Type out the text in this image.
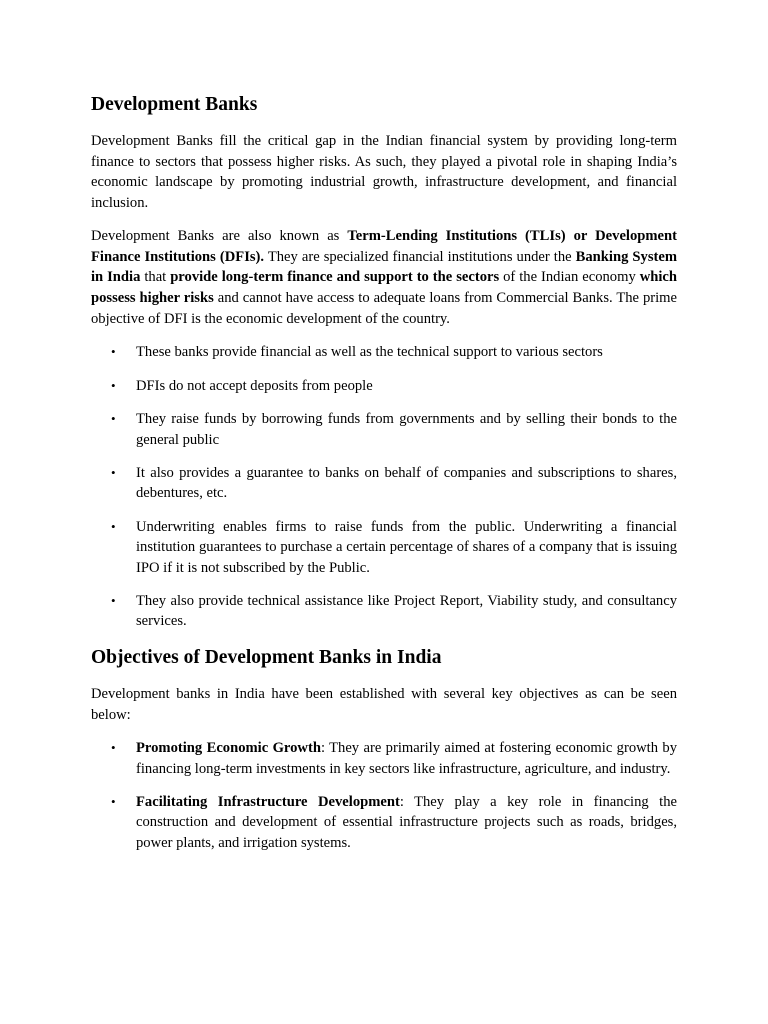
Development Banks

Development Banks fill the critical gap in the Indian financial system by providing long-term finance to sectors that possess higher risks. As such, they played a pivotal role in shaping India’s economic landscape by promoting industrial growth, infrastructure development, and financial inclusion.

Development Banks are also known as Term-Lending Institutions (TLIs) or Development Finance Institutions (DFIs). They are specialized financial institutions under the Banking System in India that provide long-term finance and support to the sectors of the Indian economy which possess higher risks and cannot have access to adequate loans from Commercial Banks. The prime objective of DFI is the economic development of the country.

• These banks provide financial as well as the technical support to various sectors
• DFIs do not accept deposits from people
• They raise funds by borrowing funds from governments and by selling their bonds to the general public
• It also provides a guarantee to banks on behalf of companies and subscriptions to shares, debentures, etc.
• Underwriting enables firms to raise funds from the public. Underwriting a financial institution guarantees to purchase a certain percentage of shares of a company that is issuing IPO if it is not subscribed by the Public.
• They also provide technical assistance like Project Report, Viability study, and consultancy services.
Objectives of Development Banks in India

Development banks in India have been established with several key objectives as can be seen below:

• Promoting Economic Growth: They are primarily aimed at fostering economic growth by financing long-term investments in key sectors like infrastructure, agriculture, and industry.
• Facilitating Infrastructure Development: They play a key role in financing the construction and development of essential infrastructure projects such as roads, bridges, power plants, and irrigation systems.
